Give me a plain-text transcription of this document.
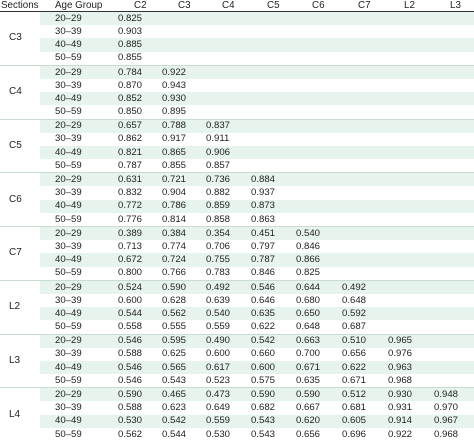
Sections	Age Group	C2	C3	C4	C5	C6	C7	L2	L3
C3	20–29	0.825							
	30–39	0.903							
	40–49	0.885							
	50–59	0.855							
C4	20–29	0.784	0.922						
	30–39	0.870	0.943						
	40–49	0.852	0.930						
	50–59	0.850	0.895						
C5	20–29	0.657	0.788	0.837					
	30–39	0.862	0.917	0.911					
	40–49	0.821	0.865	0.906					
	50–59	0.787	0.855	0.857					
C6	20–29	0.631	0.721	0.736	0.884				
	30–39	0.832	0.904	0.882	0.937				
	40–49	0.772	0.786	0.859	0.873				
	50–59	0.776	0.814	0.858	0.863				
C7	20–29	0.389	0.384	0.354	0.451	0.540			
	30–39	0.713	0.774	0.706	0.797	0.846			
	40–49	0.672	0.724	0.755	0.787	0.866			
	50–59	0.800	0.766	0.783	0.846	0.825			
L2	20–29	0.524	0.590	0.492	0.546	0.644	0.492		
	30–39	0.600	0.628	0.639	0.646	0.680	0.648		
	40–49	0.544	0.562	0.540	0.635	0.650	0.592		
	50–59	0.558	0.555	0.559	0.622	0.648	0.687		
L3	20–29	0.546	0.595	0.490	0.542	0.663	0.510	0.965	
	30–39	0.588	0.625	0.600	0.660	0.700	0.656	0.976	
	40–49	0.546	0.565	0.617	0.600	0.671	0.622	0.963	
	50–59	0.546	0.543	0.523	0.575	0.635	0.671	0.968	
L4	20–29	0.590	0.465	0.473	0.590	0.590	0.512	0.930	0.948
	30–39	0.588	0.623	0.649	0.682	0.667	0.681	0.931	0.970
	40–49	0.530	0.542	0.559	0.543	0.620	0.605	0.914	0.967
	50–59	0.562	0.544	0.530	0.543	0.656	0.696	0.922	0.968
